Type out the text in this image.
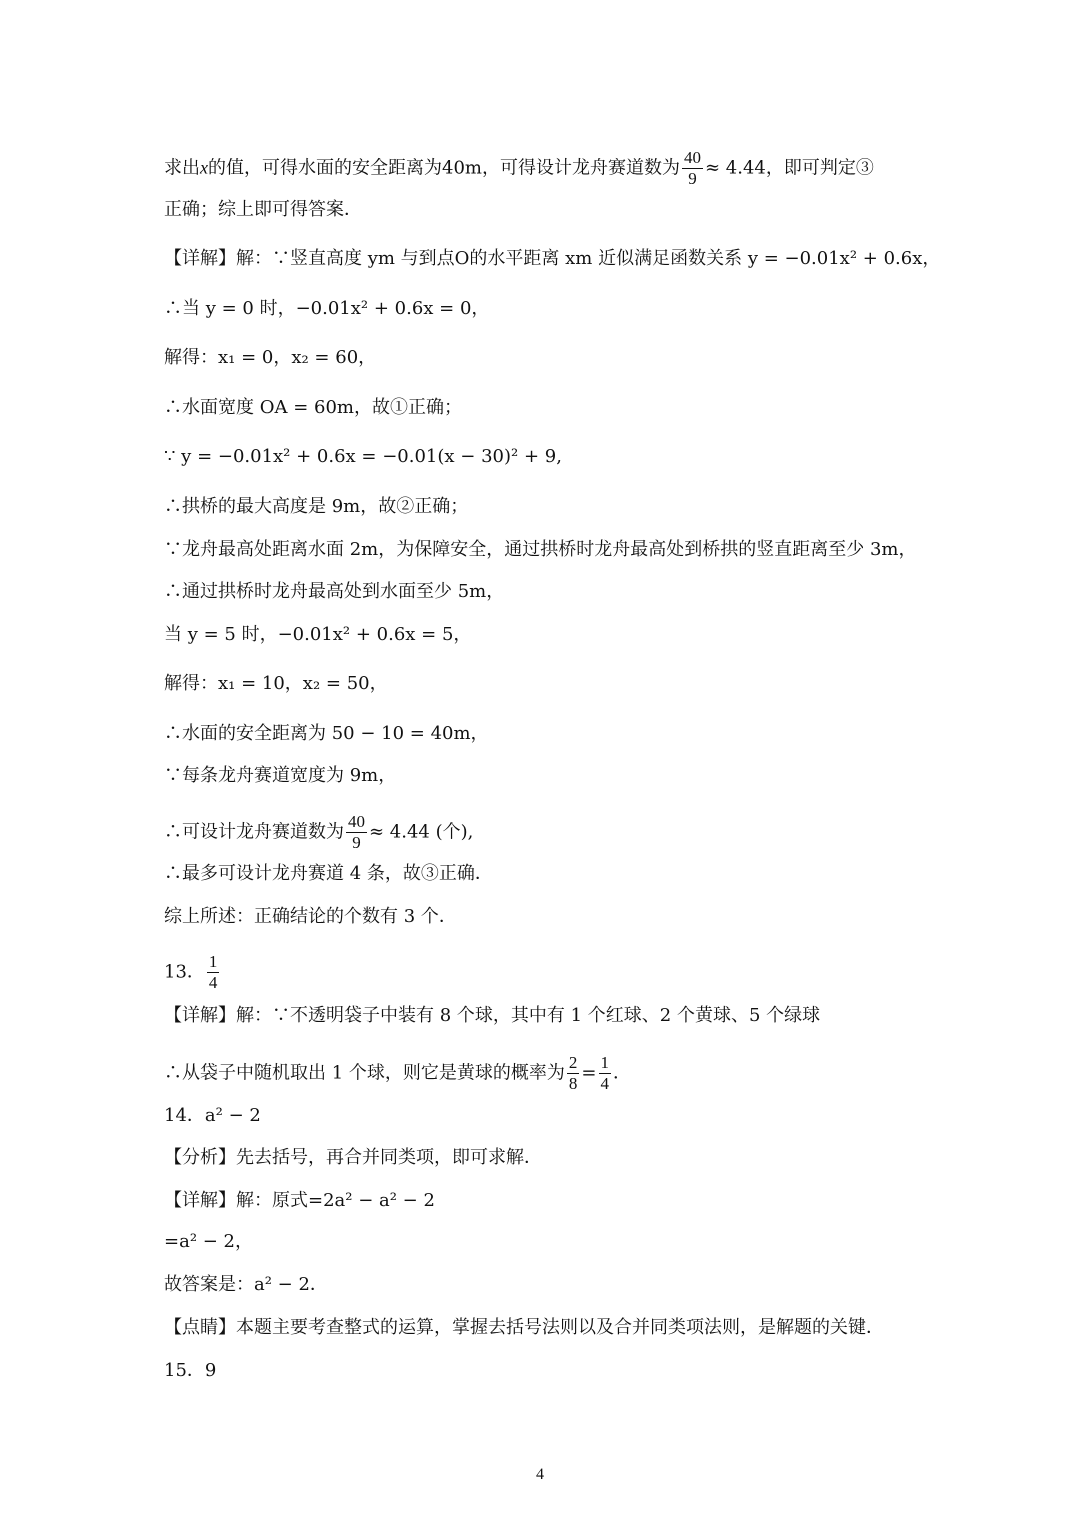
求出x的值，可得水面的安全距离为40m，可得设计龙舟赛道数为 $\frac{40}{9} \approx 4.44$，即可判定③
正确；综上即可得答案．
【详解】解：∵竖直高度 ym 与到点O的水平距离 xm 近似满足函数关系 y = −0.01x² + 0.6x，
∴当 y = 0 时，−0.01x² + 0.6x = 0，
解得：x₁ = 0，x₂ = 60，
∴水面宽度 OA = 60m，故①正确；
∵ y = −0.01x² + 0.6x = −0.01(x − 30)² + 9,
∴拱桥的最大高度是 9m，故②正确；
∵龙舟最高处距离水面 2m，为保障安全，通过拱桥时龙舟最高处到桥拱的竖直距离至少 3m，
∴通过拱桥时龙舟最高处到水面至少 5m，
当 y = 5 时，−0.01x² + 0.6x = 5，
解得：x₁ = 10，x₂ = 50，
∴水面的安全距离为 50 − 10 = 40m，
∵每条龙舟赛道宽度为 9m，
∴可设计龙舟赛道数为 $\frac{40}{9} \approx 4.44$ (个),
∴最多可设计龙舟赛道 4 条，故③正确．
综上所述：正确结论的个数有 3 个．
13． $\frac{1}{4}$
【详解】解：∵不透明袋子中装有 8 个球，其中有 1 个红球、2 个黄球、5 个绿球
∴从袋子中随机取出 1 个球，则它是黄球的概率为 $\frac{2}{8} = \frac{1}{4}$ ．
14．a² − 2
【分析】先去括号，再合并同类项，即可求解．
【详解】解：原式=2a² − a² − 2
=a² − 2，
故答案是：a² − 2．
【点睛】本题主要考查整式的运算，掌握去括号法则以及合并同类项法则，是解题的关键．
15．9
4
